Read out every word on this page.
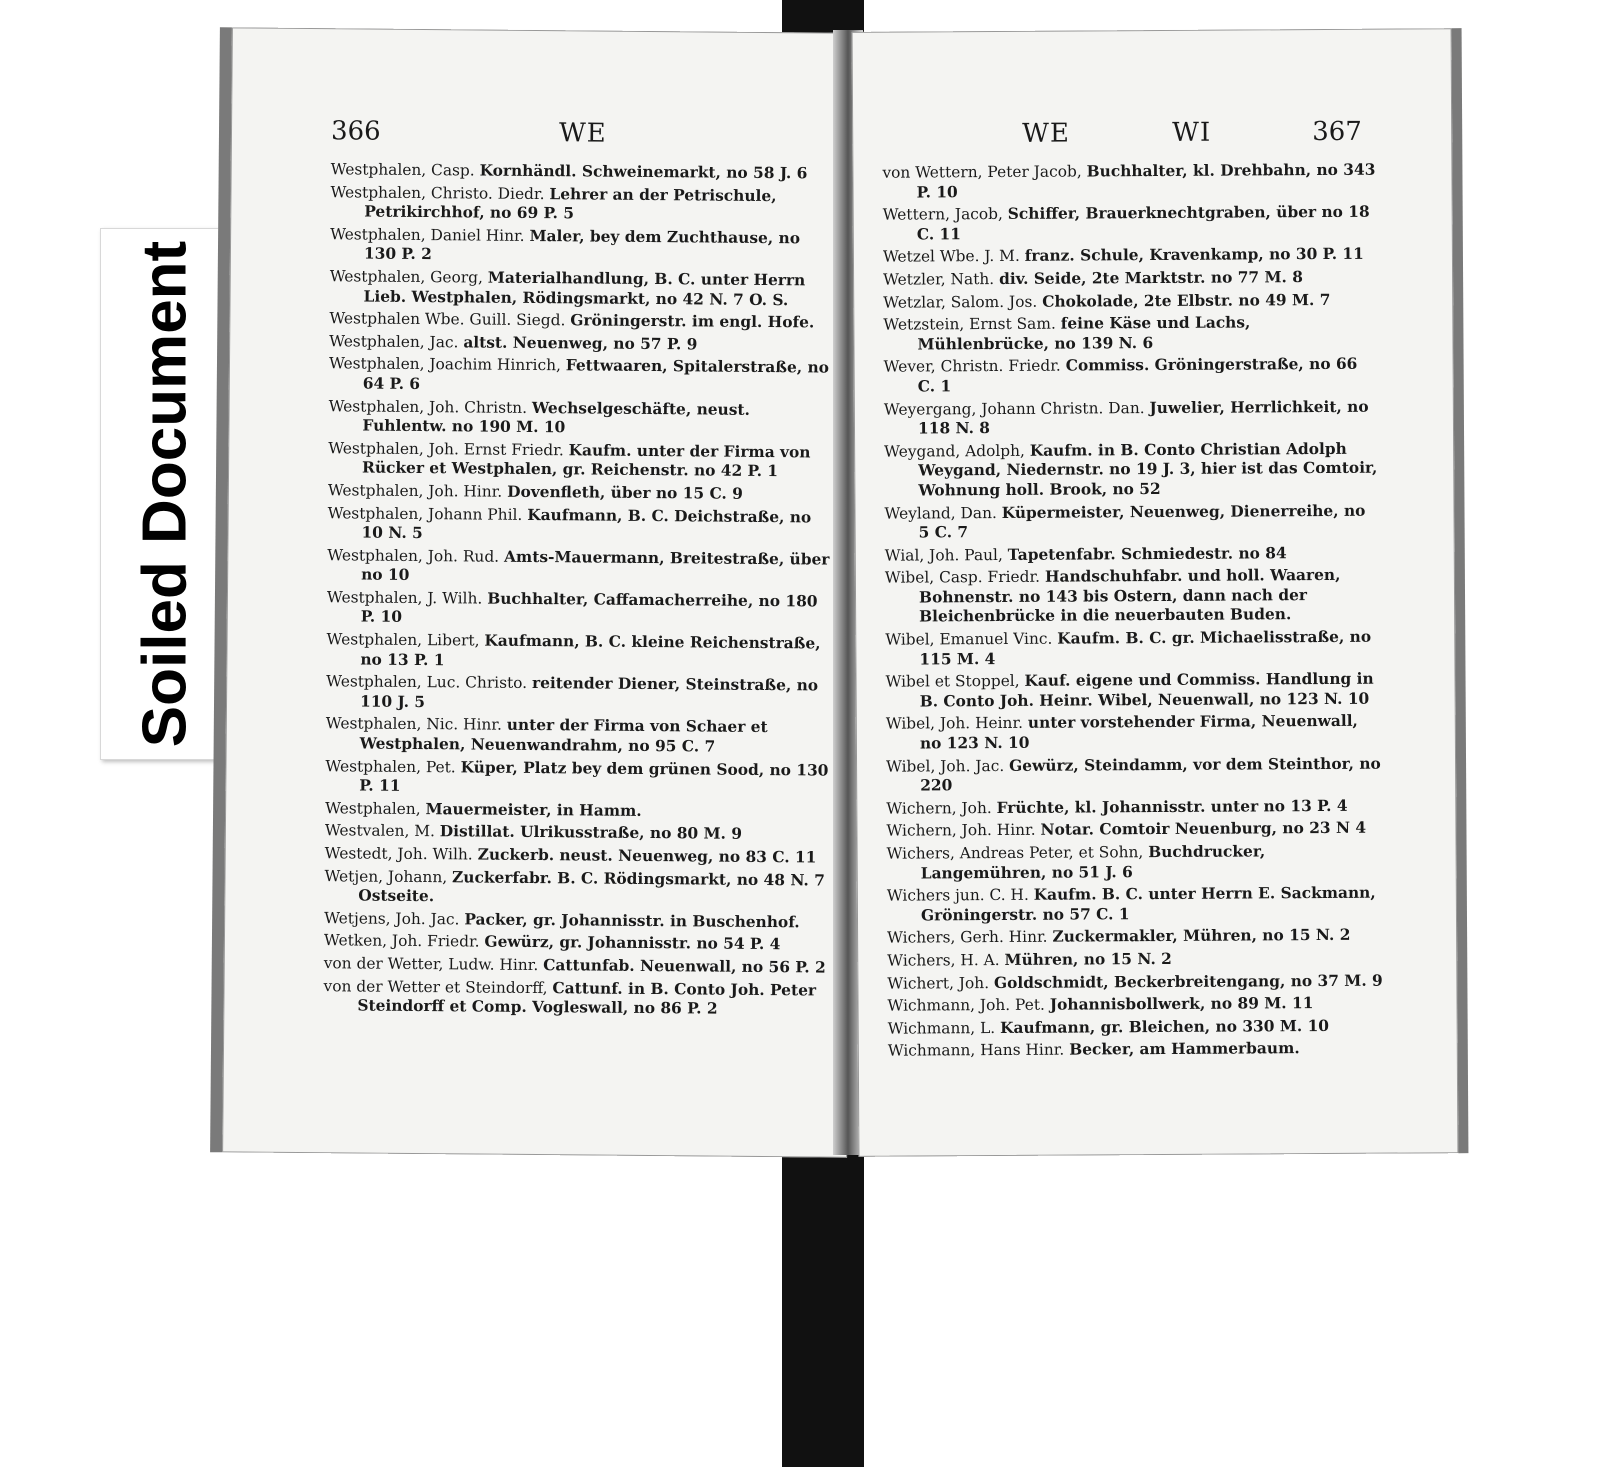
Soiled Document
366	WE
Westphalen, Casp. Kornhändl. Schweinemarkt, no 58 J. 6
Westphalen, Christo. Diedr. Lehrer an der Petrischule, Petrikirchhof, no 69 P. 5
Westphalen, Daniel Hinr. Maler, bey dem Zuchthause, no 130 P. 2
Westphalen, Georg, Materialhandlung, B. C. unter Herrn Lieb. Westphalen, Rödingsmarkt, no 42 N. 7 O. S.
Westphalen Wbe. Guill. Siegd. Gröningerstr. im engl. Hofe.
Westphalen, Jac. altst. Neuenweg, no 57 P. 9
Westphalen, Joachim Hinrich, Fettwaaren, Spitalerstraße, no 64 P. 6
Westphalen, Joh. Christn. Wechselgeschäfte, neust. Fuhlentw. no 190 M. 10
Westphalen, Joh. Ernst Friedr. Kaufm. unter der Firma von Rücker et Westphalen, gr. Reichenstr. no 42 P. 1
Westphalen, Joh. Hinr. Dovenfleth, über no 15 C. 9
Westphalen, Johann Phil. Kaufmann, B. C. Deichstraße, no 10 N. 5
Westphalen, Joh. Rud. Amts-Mauermann, Breitestraße, über no 10
Westphalen, J. Wilh. Buchhalter, Caffamacherreihe, no 180 P. 10
Westphalen, Libert, Kaufmann, B. C. kleine Reichenstraße, no 13 P. 1
Westphalen, Luc. Christo. reitender Diener, Steinstraße, no 110 J. 5
Westphalen, Nic. Hinr. unter der Firma von Schaer et Westphalen, Neuenwandrahm, no 95 C. 7
Westphalen, Pet. Küper, Platz bey dem grünen Sood, no 130 P. 11
Westphalen, Mauermeister, in Hamm.
Westvalen, M. Distillat. Ulrikusstraße, no 80 M. 9
Westedt, Joh. Wilh. Zuckerb. neust. Neuenweg, no 83 C. 11
Wetjen, Johann, Zuckerfabr. B. C. Rödingsmarkt, no 48 N. 7 Ostseite.
Wetjens, Joh. Jac. Packer, gr. Johannisstr. in Buschenhof.
Wetken, Joh. Friedr. Gewürz, gr. Johannisstr. no 54 P. 4
von der Wetter, Ludw. Hinr. Cattunfab. Neuenwall, no 56 P. 2
von der Wetter et Steindorff, Cattunf. in B. Conto Joh. Peter Steindorff et Comp. Vogleswall, no 86 P. 2
WE	WI	367
von Wettern, Peter Jacob, Buchhalter, kl. Drehbahn, no 343 P. 10
Wettern, Jacob, Schiffer, Brauerknechtgraben, über no 18 C. 11
Wetzel Wbe. J. M. franz. Schule, Kravenkamp, no 30 P. 11
Wetzler, Nath. div. Seide, 2te Marktstr. no 77 M. 8
Wetzlar, Salom. Jos. Chokolade, 2te Elbstr. no 49 M. 7
Wetzstein, Ernst Sam. feine Käse und Lachs, Mühlenbrücke, no 139 N. 6
Wever, Christn. Friedr. Commiss. Gröningerstraße, no 66 C. 1
Weyergang, Johann Christn. Dan. Juwelier, Herrlichkeit, no 118 N. 8
Weygand, Adolph, Kaufm. in B. Conto Christian Adolph Weygand, Niedernstr. no 19 J. 3, hier ist das Comtoir, Wohnung holl. Brook, no 52
Weyland, Dan. Küpermeister, Neuenweg, Dienerreihe, no 5 C. 7
Wial, Joh. Paul, Tapetenfabr. Schmiedestr. no 84
Wibel, Casp. Friedr. Handschuhfabr. und holl. Waaren, Bohnenstr. no 143 bis Ostern, dann nach der Bleichenbrücke in die neuerbauten Buden.
Wibel, Emanuel Vinc. Kaufm. B. C. gr. Michaelisstraße, no 115 M. 4
Wibel et Stoppel, Kauf. eigene und Commiss. Handlung in B. Conto Joh. Heinr. Wibel, Neuenwall, no 123 N. 10
Wibel, Joh. Heinr. unter vorstehender Firma, Neuenwall, no 123 N. 10
Wibel, Joh. Jac. Gewürz, Steindamm, vor dem Steinthor, no 220
Wichern, Joh. Früchte, kl. Johannisstr. unter no 13 P. 4
Wichern, Joh. Hinr. Notar. Comtoir Neuenburg, no 23 N 4
Wichers, Andreas Peter, et Sohn, Buchdrucker, Langemühren, no 51 J. 6
Wichers jun. C. H. Kaufm. B. C. unter Herrn E. Sackmann, Gröningerstr. no 57 C. 1
Wichers, Gerh. Hinr. Zuckermakler, Mühren, no 15 N. 2
Wichers, H. A. Mühren, no 15 N. 2
Wichert, Joh. Goldschmidt, Beckerbreitengang, no 37 M. 9
Wichmann, Joh. Pet. Johannisbollwerk, no 89 M. 11
Wichmann, L. Kaufmann, gr. Bleichen, no 330 M. 10
Wichmann, Hans Hinr. Becker, am Hammerbaum.
